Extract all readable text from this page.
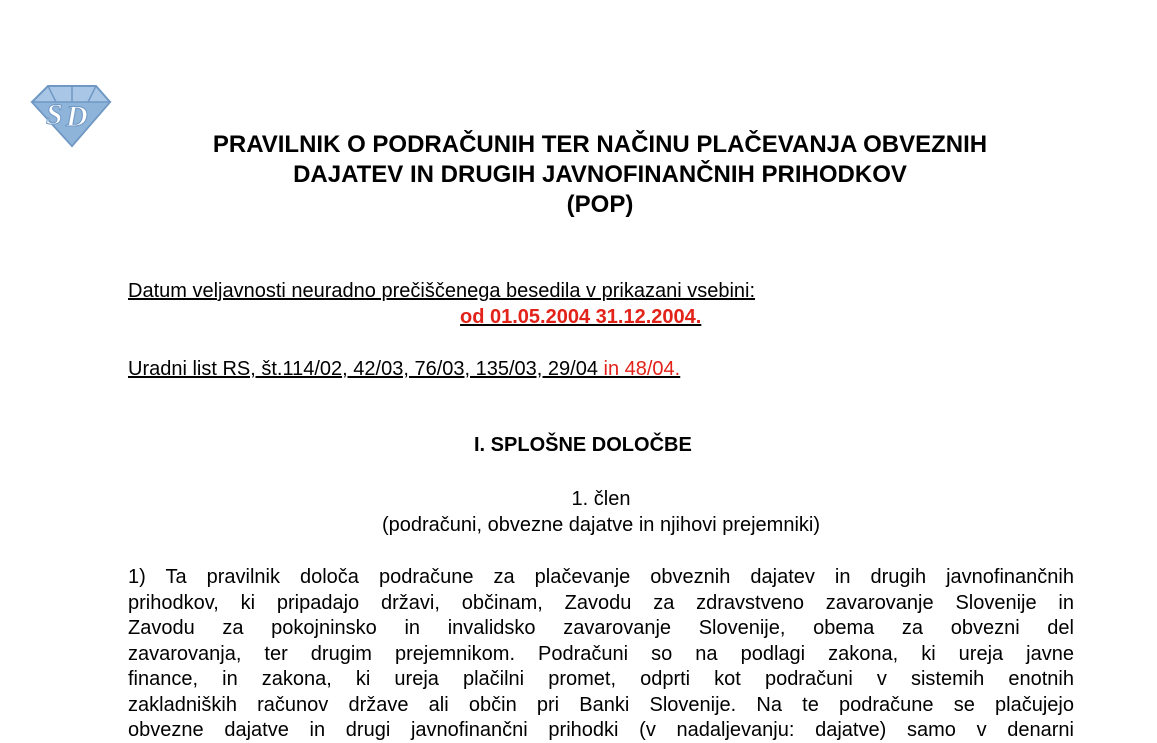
S D
PRAVILNIK O PODRAČUNIH TER NAČINU PLAČEVANJA OBVEZNIH
DAJATEV IN DRUGIH JAVNOFINANČNIH PRIHODKOV
(POP)
Datum veljavnosti neuradno prečiščenega besedila v prikazani vsebini:
od 01.05.2004 31.12.2004.
Uradni list RS, št.114/02, 42/03, 76/03, 135/03, 29/04 in 48/04.
I. SPLOŠNE DOLOČBE
1. člen
(podračuni, obvezne dajatve in njihovi prejemniki)
1) Ta pravilnik določa podračune za plačevanje obveznih dajatev in drugih javnofinančnih
prihodkov, ki pripadajo državi, občinam, Zavodu za zdravstveno zavarovanje Slovenije in
Zavodu za pokojninsko in invalidsko zavarovanje Slovenije, obema za obvezni del
zavarovanja, ter drugim prejemnikom. Podračuni so na podlagi zakona, ki ureja javne
finance, in zakona, ki ureja plačilni promet, odprti kot podračuni v sistemih enotnih
zakladniških računov države ali občin pri Banki Slovenije. Na te podračune se plačujejo
obvezne dajatve in drugi javnofinančni prihodki (v nadaljevanju: dajatve) samo v denarni
